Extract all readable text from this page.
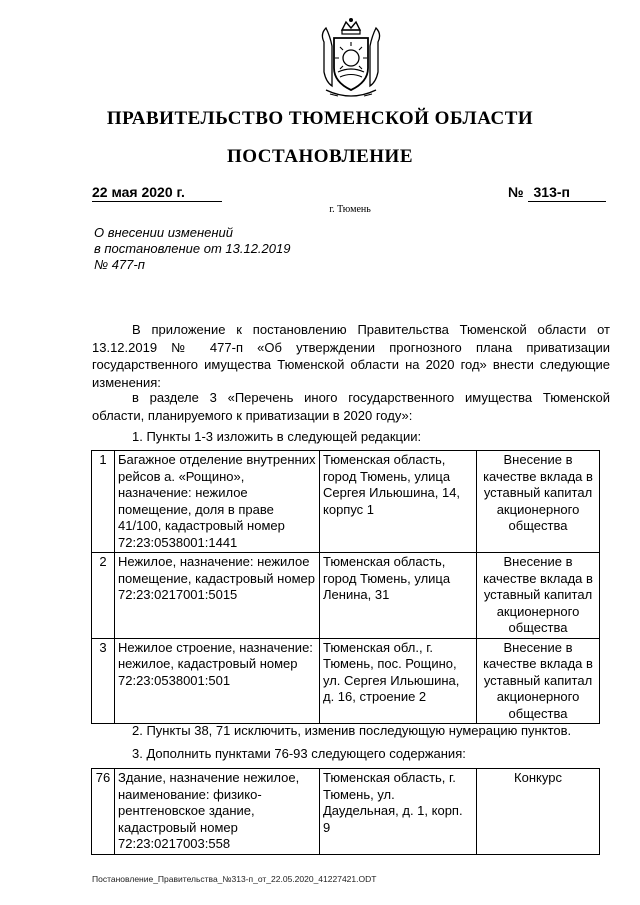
ПРАВИТЕЛЬСТВО ТЮМЕНСКОЙ ОБЛАСТИ
ПОСТАНОВЛЕНИЕ
22 мая 2020 г.	№ 313-п
г. Тюмень
О внесении изменений
в постановление от 13.12.2019
№ 477-п
В приложение к постановлению Правительства Тюменской области от 13.12.2019 № 477-п «Об утверждении прогнозного плана приватизации государственного имущества Тюменской области на 2020 год» внести следующие изменения:
в разделе 3 «Перечень иного государственного имущества Тюменской области, планируемого к приватизации в 2020 году»:
1. Пункты 1-3 изложить в следующей редакции:
1	Багажное отделение внутренних рейсов а. «Рощино», назначение: нежилое помещение, доля в праве 41/100, кадастровый номер 72:23:0538001:1441	Тюменская область, город Тюмень, улица Сергея Ильюшина, 14, корпус 1	Внесение в качестве вклада в уставный капитал акционерного общества
2	Нежилое, назначение: нежилое помещение, кадастровый номер 72:23:0217001:5015	Тюменская область, город Тюмень, улица Ленина, 31	Внесение в качестве вклада в уставный капитал акционерного общества
3	Нежилое строение, назначение: нежилое, кадастровый номер 72:23:0538001:501	Тюменская обл., г. Тюмень, пос. Рощино, ул. Сергея Ильюшина, д. 16, строение 2	Внесение в качестве вклада в уставный капитал акционерного общества
2. Пункты 38, 71 исключить, изменив последующую нумерацию пунктов.
3. Дополнить пунктами 76-93 следующего содержания:
76	Здание, назначение нежилое, наименование: физико-рентгеновское здание, кадастровый номер 72:23:0217003:558	Тюменская область, г. Тюмень, ул. Даудельная, д. 1, корп. 9	Конкурс
Постановление_Правительства_№313-п_от_22.05.2020_41227421.ODT
